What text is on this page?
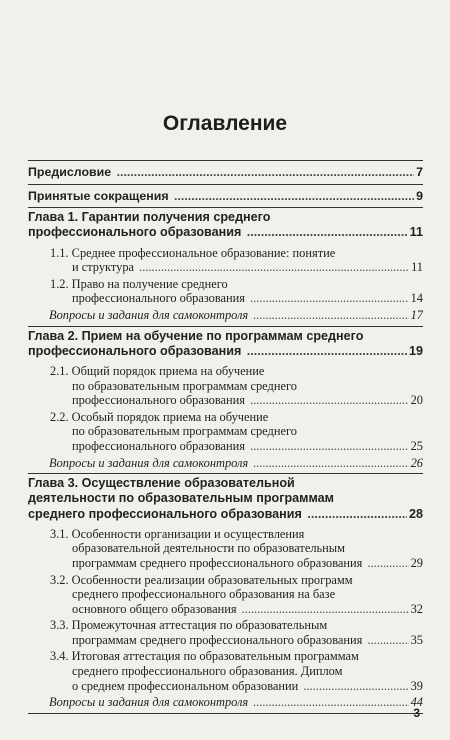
Оглавление
Предисловие .....	7
Принятые сокращения .....	9
Глава 1. Гарантии получения среднего
профессионального образования .....	11
1.1. Среднее профессиональное образование: понятие
и структура .....	11
1.2. Право на получение среднего
профессионального образования .....	14
Вопросы и задания для самоконтроля .....	17
Глава 2. Прием на обучение по программам среднего
профессионального образования .....	19
2.1. Общий порядок приема на обучение
по образовательным программам среднего
профессионального образования .....	20
2.2. Особый порядок приема на обучение
по образовательным программам среднего
профессионального образования .....	25
Вопросы и задания для самоконтроля .....	26
Глава 3. Осуществление образовательной
деятельности по образовательным программам
среднего профессионального образования .....	28
3.1. Особенности организации и осуществления
образовательной деятельности по образовательным
программам среднего профессионального образования .....	29
3.2. Особенности реализации образовательных программ
среднего профессионального образования на базе
основного общего образования .....	32
3.3. Промежуточная аттестация по образовательным
программам среднего профессионального образования .....	35
3.4. Итоговая аттестация по образовательным программам
среднего профессионального образования. Диплом
о среднем профессиональном образовании .....	39
Вопросы и задания для самоконтроля .....	44
3
